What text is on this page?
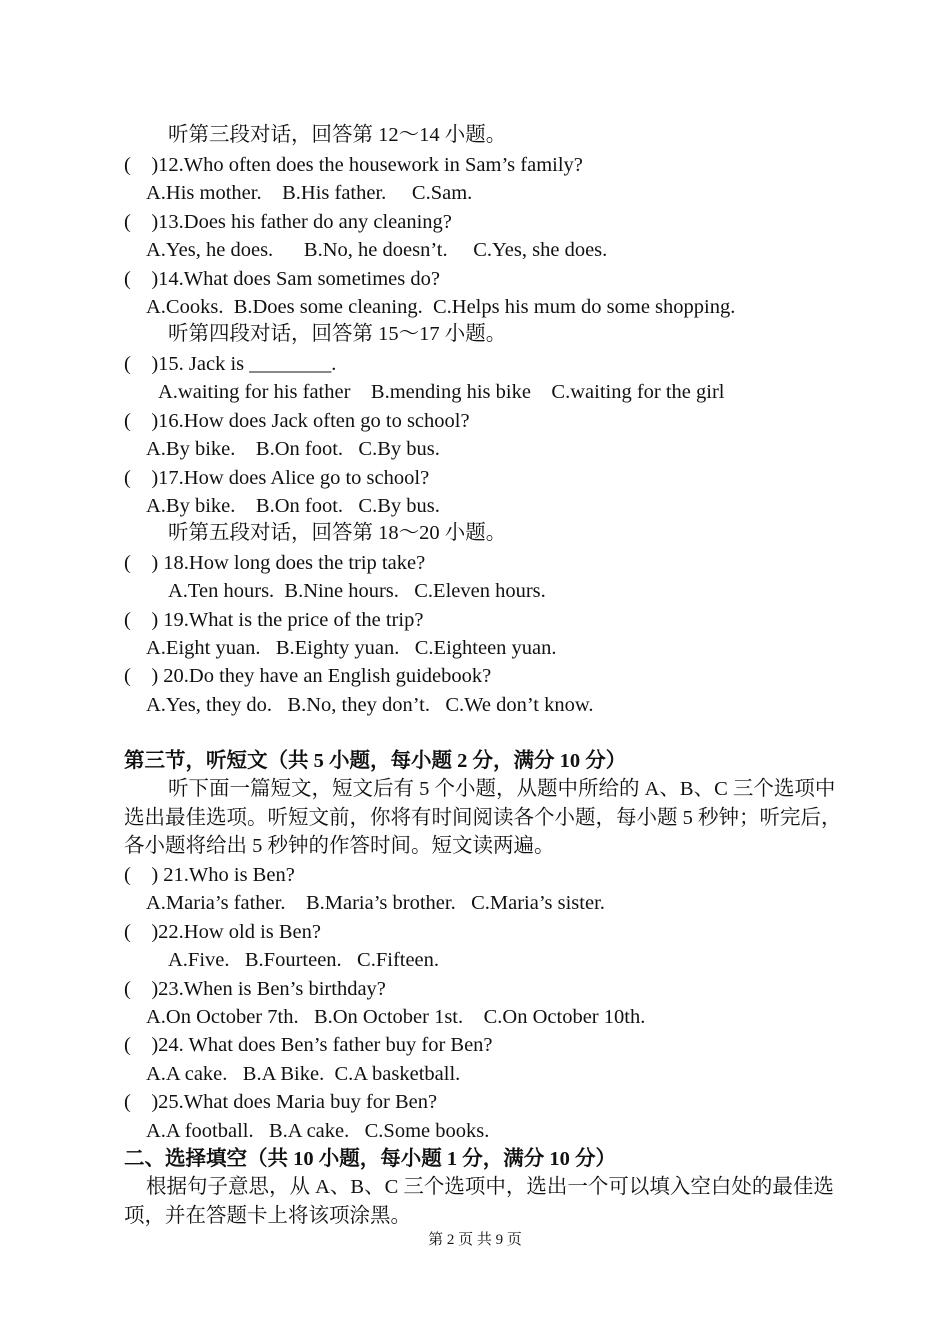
听第三段对话，回答第 12～14 小题。
(    )12.Who often does the housework in Sam’s family?
A.His mother.    B.His father.     C.Sam.
(    )13.Does his father do any cleaning?
A.Yes, he does.      B.No, he doesn’t.     C.Yes, she does.
(    )14.What does Sam sometimes do?
A.Cooks.  B.Does some cleaning.  C.Helps his mum do some shopping.
听第四段对话，回答第 15～17 小题。
(    )15. Jack is ________.
A.waiting for his father    B.mending his bike    C.waiting for the girl
(    )16.How does Jack often go to school?
A.By bike.    B.On foot.   C.By bus.
(    )17.How does Alice go to school?
A.By bike.    B.On foot.   C.By bus.
听第五段对话，回答第 18～20 小题。
(    ) 18.How long does the trip take?
A.Ten hours.  B.Nine hours.   C.Eleven hours.
(    ) 19.What is the price of the trip?
A.Eight yuan.   B.Eighty yuan.   C.Eighteen yuan.
(    ) 20.Do they have an English guidebook?
A.Yes, they do.   B.No, they don’t.   C.We don’t know.
第三节，听短文（共 5 小题，每小题 2 分，满分 10 分）
听下面一篇短文，短文后有 5 个小题，从题中所给的 A、B、C 三个选项中
选出最佳选项。听短文前，你将有时间阅读各个小题，每小题 5 秒钟；听完后，
各小题将给出 5 秒钟的作答时间。短文读两遍。
(    ) 21.Who is Ben?
A.Maria’s father.    B.Maria’s brother.   C.Maria’s sister.
(    )22.How old is Ben?
A.Five.   B.Fourteen.   C.Fifteen.
(    )23.When is Ben’s birthday?
A.On October 7th.   B.On October 1st.    C.On October 10th.
(    )24. What does Ben’s father buy for Ben?
A.A cake.   B.A Bike.  C.A basketball.
(    )25.What does Maria buy for Ben?
A.A football.   B.A cake.   C.Some books.
二、选择填空（共 10 小题，每小题 1 分，满分 10 分）
根据句子意思，从 A、B、C 三个选项中，选出一个可以填入空白处的最佳选
项，并在答题卡上将该项涂黑。
第 2 页 共 9 页
